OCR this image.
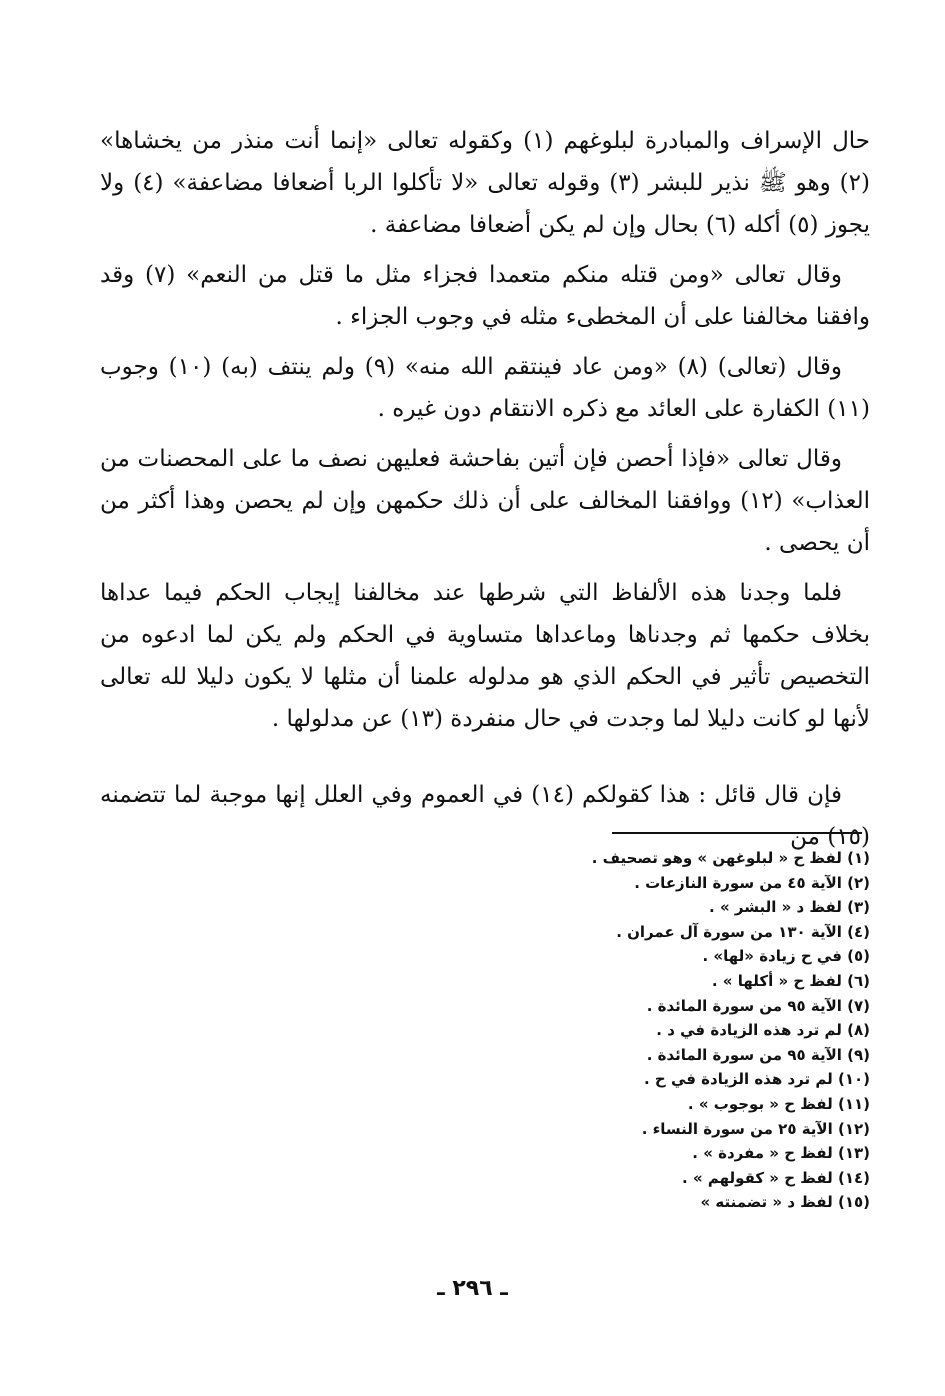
حال الإسراف والمبادرة لبلوغهم (١) وكقوله تعالى «إنما أنت منذر من يخشاها» (٢) وهو ﷺ نذير للبشر (٣) وقوله تعالى «لا تأكلوا الربا أضعافا مضاعفة» (٤) ولا يجوز (٥) أكله (٦) بحال وإن لم يكن أضعافا مضاعفة .

وقال تعالى «ومن قتله منكم متعمدا فجزاء مثل ما قتل من النعم» (٧) وقد وافقنا مخالفنا على أن المخطىء مثله في وجوب الجزاء .

وقال (تعالى) (٨) «ومن عاد فينتقم الله منه» (٩) ولم ينتف (به) (١٠) وجوب (١١) الكفارة على العائد مع ذكره الانتقام دون غيره .

وقال تعالى «فإذا أحصن فإن أتين بفاحشة فعليهن نصف ما على المحصنات من العذاب» (١٢) ووافقنا المخالف على أن ذلك حكمهن وإن لم يحصن وهذا أكثر من أن يحصى .

فلما وجدنا هذه الألفاظ التي شرطها عند مخالفنا إيجاب الحكم فيما عداها بخلاف حكمها ثم وجدناها وماعداها متساوية في الحكم ولم يكن لما ادعوه من التخصيص تأثير في الحكم الذي هو مدلوله علمنا أن مثلها لا يكون دليلا لله تعالى لأنها لو كانت دليلا لما وجدت في حال منفردة (١٣) عن مدلولها .

فإن قال قائل : هذا كقولكم (١٤) في العموم وفي العلل إنها موجبة لما تتضمنه (١٥) من

(١) لفظ ح « لبلوغهن » وهو تصحيف .
(٢) الآية ٤٥ من سورة النازعات .
(٣) لفظ د « البشر » .
(٤) الآية ١٣٠ من سورة آل عمران .
(٥) في ح زيادة «لها» .
(٦) لفظ ح « أكلها » .
(٧) الآية ٩٥ من سورة المائدة .
(٨) لم ترد هذه الزيادة في د .
(٩) الآية ٩٥ من سورة المائدة .
(١٠) لم ترد هذه الزيادة في ح .
(١١) لفظ ح « بوجوب » .
(١٢) الآية ٢٥ من سورة النساء .
(١٣) لفظ ح « مفردة » .
(١٤) لفظ ح « كقولهم » .
(١٥) لفظ د « تضمنته »
ـ ٢٩٦ ـ
